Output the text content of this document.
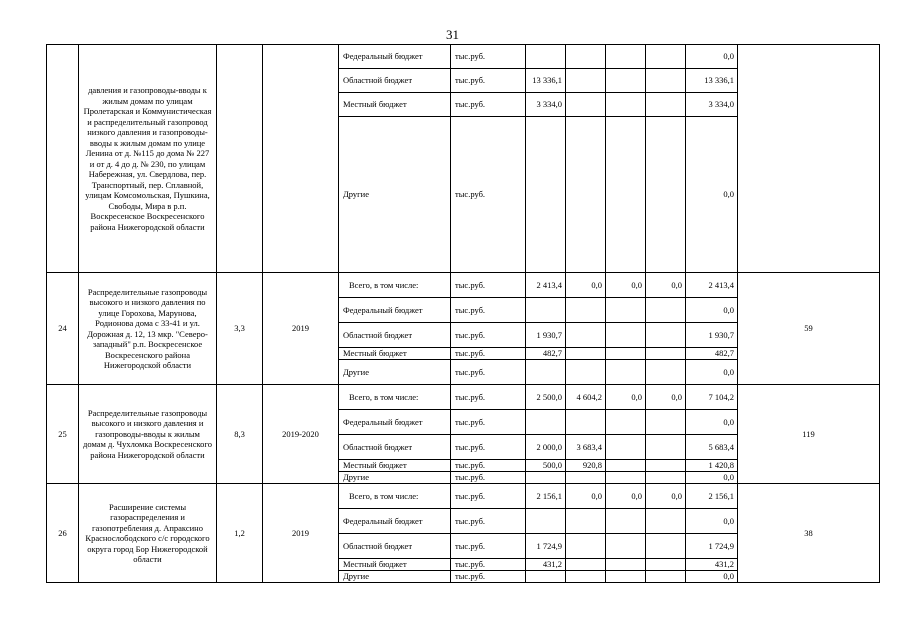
31
	давления и газопроводы-вводы к жилым домам по улицам Пролетарская и Коммунистическая и распределительный газопровод низкого давления и газопроводы-вводы к жилым домам по улице Ленина от д. №115 до дома № 227 и от д. 4 до д. № 230, по улицам Набережная, ул. Свердлова, пер. Транспортный, пер. Сплавной, улицам Комсомольская, Пушкина, Свободы, Мира в р.п. Воскресенское Воскресенского района Нижегородской области			Федеральный бюджет	тыс.руб.					0,0	
				Областной бюджет	тыс.руб.	13 336,1				13 336,1	
				Местный бюджет	тыс.руб.	3 334,0				3 334,0	
				Другие	тыс.руб.					0,0	
24	Распределительные газопроводы высокого и низкого давления по улице Горохова, Марунова, Родионова дома с 33-41 и ул. Дорожная д. 12, 13 мкр. "Северо-западный" р.п. Воскресенское Воскресенского района Нижегородской области	3,3	2019	Всего, в том числе:	тыс.руб.	2 413,4	0,0	0,0	0,0	2 413,4	59
				Федеральный бюджет	тыс.руб.					0,0	
				Областной бюджет	тыс.руб.	1 930,7				1 930,7	
				Местный бюджет	тыс.руб.	482,7				482,7	
				Другие	тыс.руб.					0,0	
25	Распределительные газопроводы высокого и низкого давления и газопроводы-вводы к жилым домам д. Чухломка Воскресенского района Нижегородской области	8,3	2019-2020	Всего, в том числе:	тыс.руб.	2 500,0	4 604,2	0,0	0,0	7 104,2	119
				Федеральный бюджет	тыс.руб.					0,0	
				Областной бюджет	тыс.руб.	2 000,0	3 683,4			5 683,4	
				Местный бюджет	тыс.руб.	500,0	920,8			1 420,8	
				Другие	тыс.руб.					0,0	
26	Расширение системы газораспределения и газопотребления д. Апраксино Краснослободского с/с городского округа город Бор Нижегородской области	1,2	2019	Всего, в том числе:	тыс.руб.	2 156,1	0,0	0,0	0,0	2 156,1	38
				Федеральный бюджет	тыс.руб.					0,0	
				Областной бюджет	тыс.руб.	1 724,9				1 724,9	
				Местный бюджет	тыс.руб.	431,2				431,2	
				Другие	тыс.руб.					0,0	
